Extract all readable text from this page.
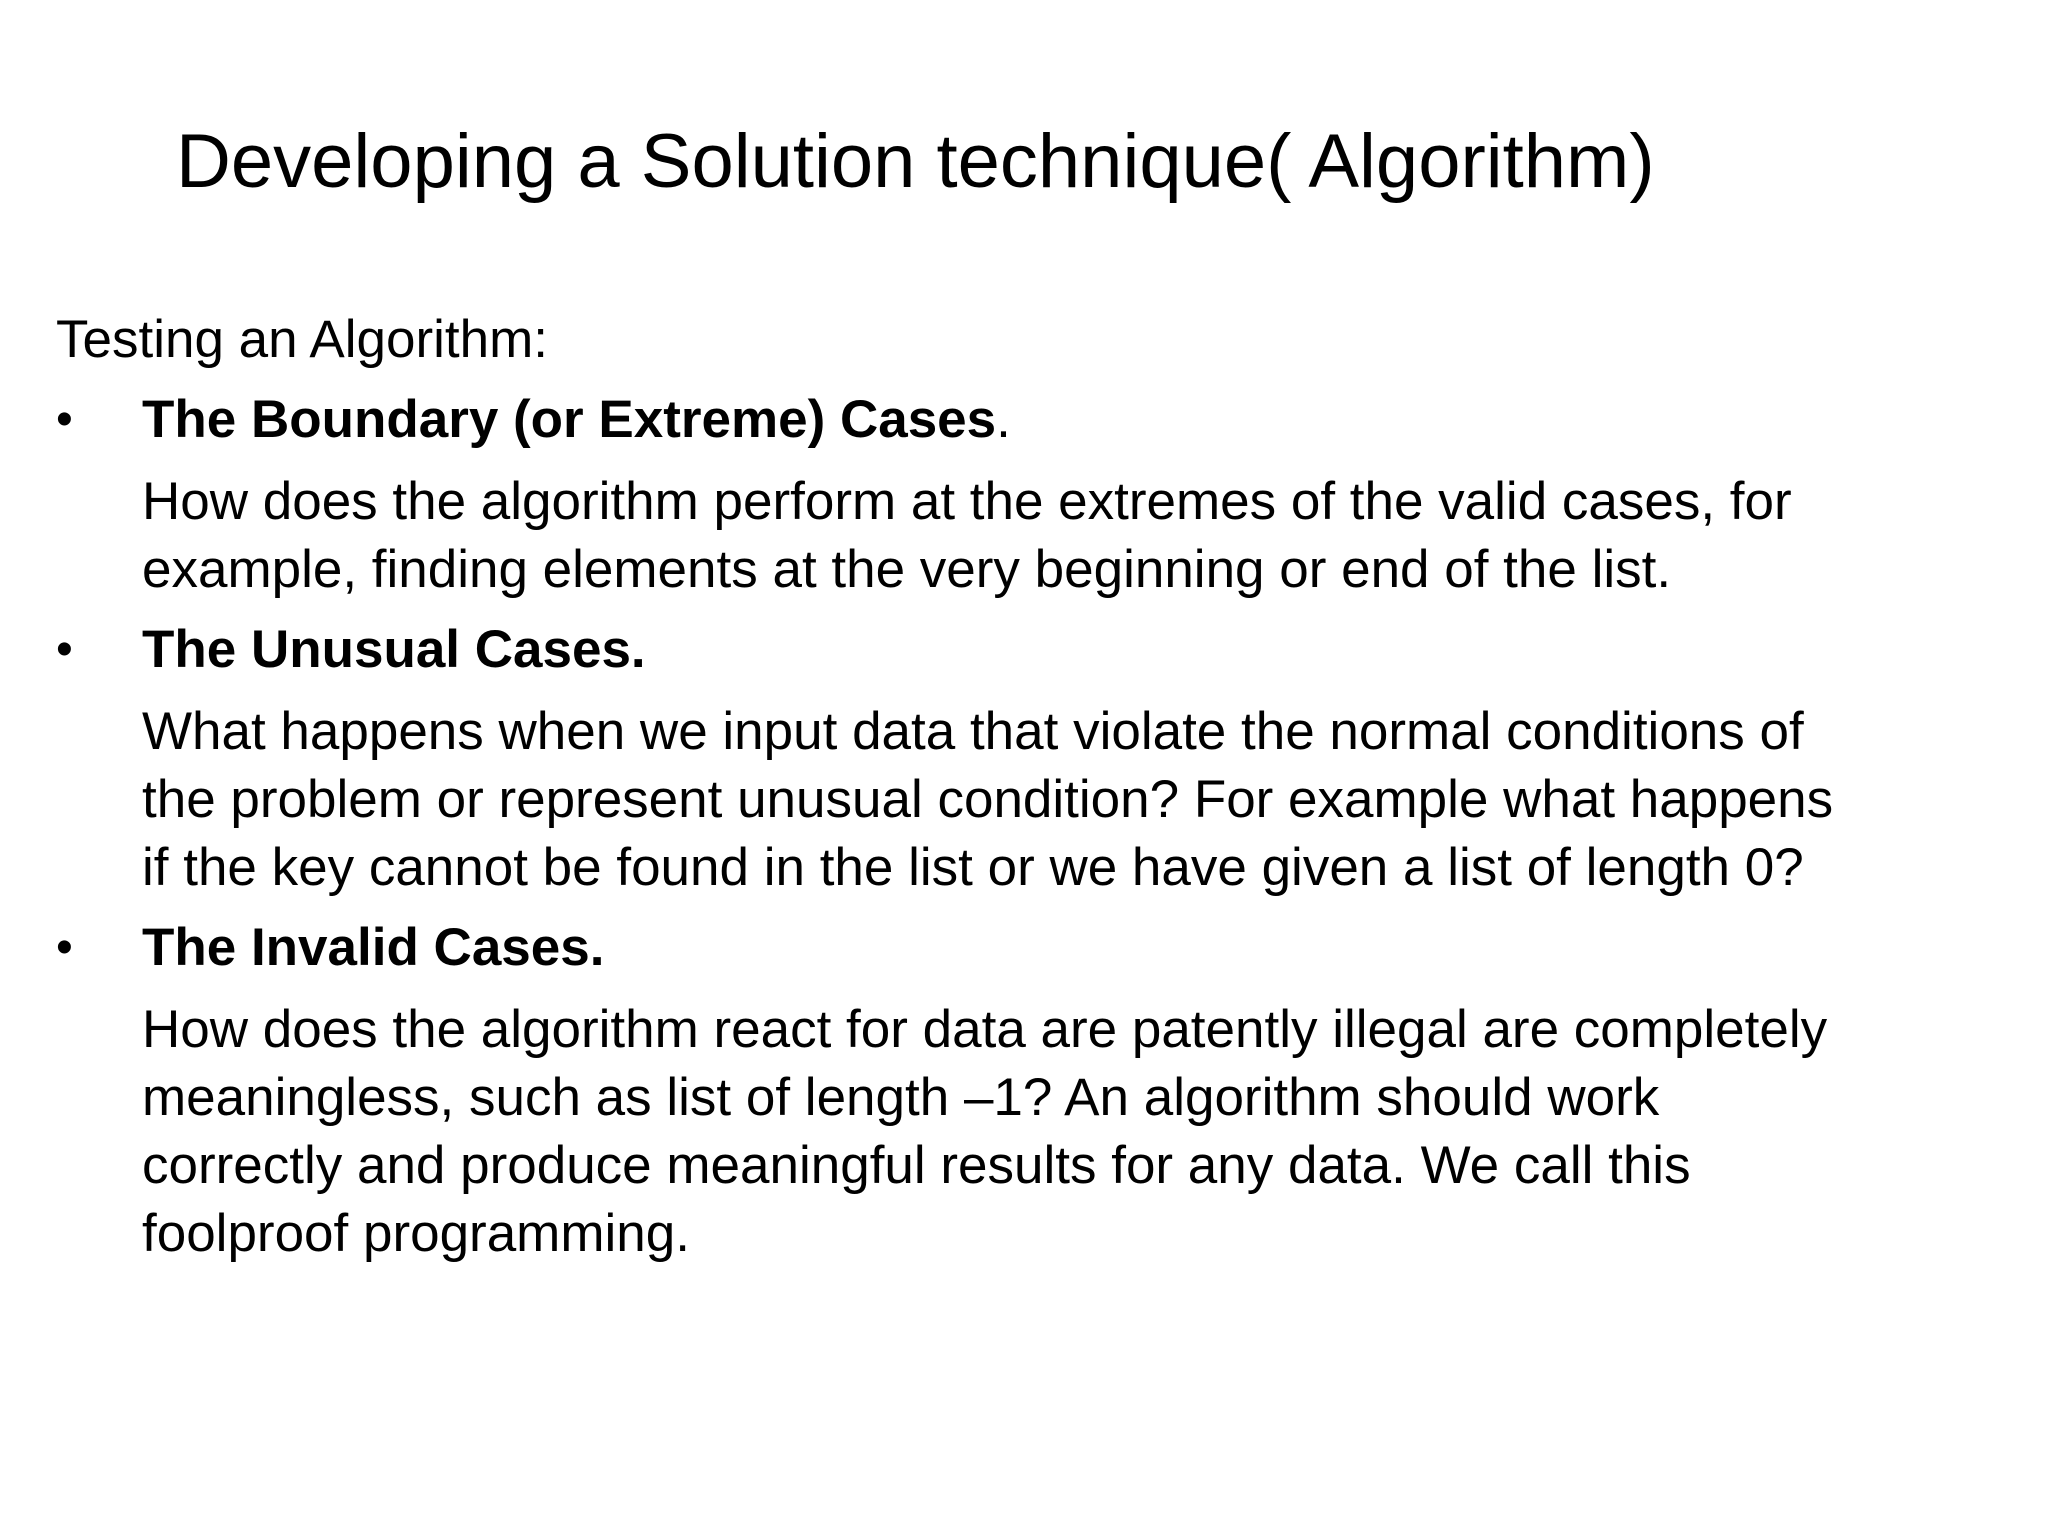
Developing a Solution technique( Algorithm)

Testing an Algorithm:

• The Boundary (or Extreme) Cases.

How does the algorithm perform at the extremes of the valid cases, for
example, finding elements at the very beginning or end of the list.

• The Unusual Cases.

What happens when we input data that violate the normal conditions of
the problem or represent unusual condition? For example what happens
if the key cannot be found in the list or we have given a list of length 0?

• The Invalid Cases.

How does the algorithm react for data are patently illegal are completely
meaningless, such as list of length –1? An algorithm should work
correctly and produce meaningful results for any data. We call this
foolproof programming.
